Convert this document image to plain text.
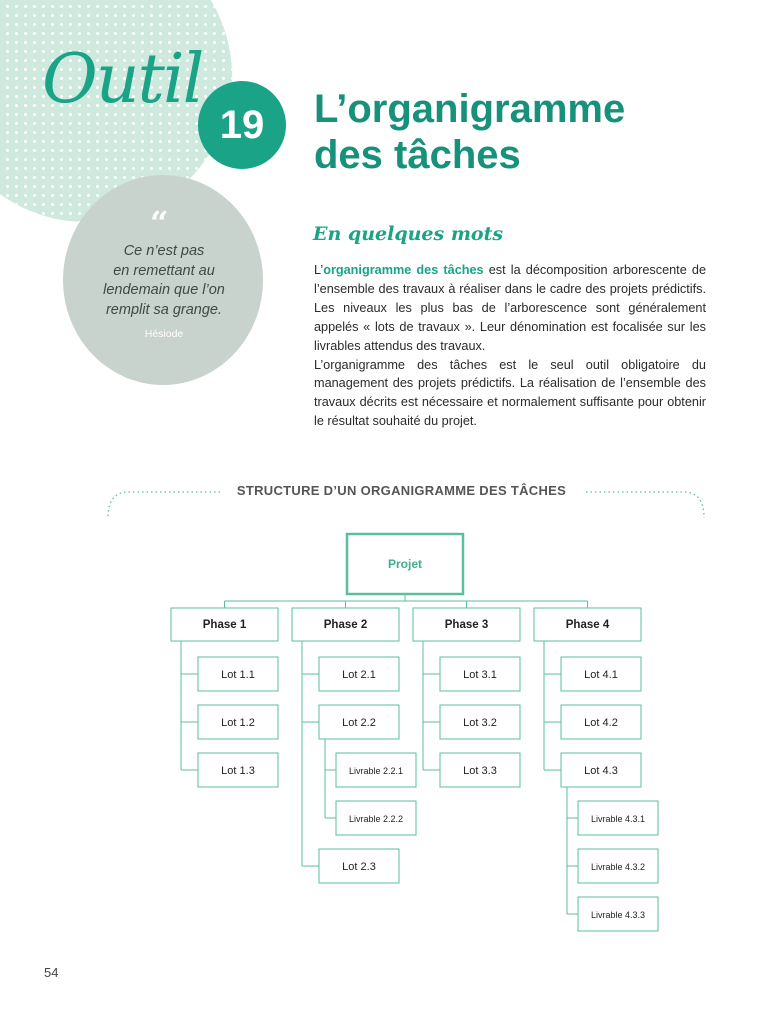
Outil
19	L’organigramme
des tâches
“
Ce n’est pas
en remettant au
lendemain que l’on
remplit sa grange.
Hésiode
En quelques mots

L’organigramme des tâches est la décomposition arborescente de l’ensemble des travaux à réaliser dans le cadre des projets prédictifs. Les niveaux les plus bas de l’arborescence sont généralement appelés « lots de travaux ». Leur dénomination est focalisée sur les livrables attendus des travaux.

L’organigramme des tâches est le seul outil obligatoire du management des projets prédictifs. La réalisation de l’ensemble des travaux décrits est nécessaire et normalement suffisante pour obtenir le résultat souhaité du projet.

STRUCTURE D’UN ORGANIGRAMME DES TÂCHES
Projet
Phase 1
Lot 1.1
Lot 1.2
Lot 1.3
Phase 2
Lot 2.1
Lot 2.2
Livrable 2.2.1
Livrable 2.2.2
Lot 2.3
Phase 3
Lot 3.1
Lot 3.2
Lot 3.3
Phase 4
Lot 4.1
Lot 4.2
Lot 4.3
Livrable 4.3.1
Livrable 4.3.2
Livrable 4.3.3
54
